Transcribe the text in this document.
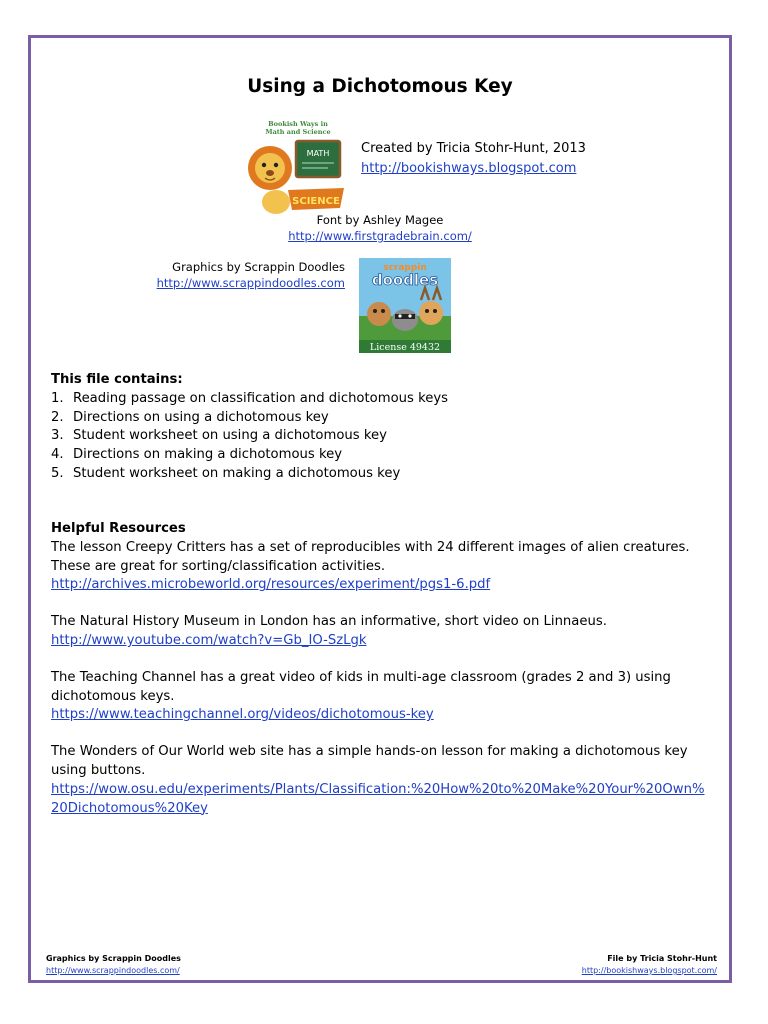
Using a Dichotomous Key
Bookish Ways in
Math and Science
MATH
SCIENCE
Created by Tricia Stohr-Hunt, 2013
http://bookishways.blogspot.com
Font by Ashley Magee
http://www.firstgradebrain.com/
Graphics by Scrappin Doodles
http://www.scrappindoodles.com
scrappin
doodles
License 49432
This file contains:
1. Reading passage on classification and dichotomous keys
2. Directions on using a dichotomous key
3. Student worksheet on using a dichotomous key
4. Directions on making a dichotomous key
5. Student worksheet on making a dichotomous key
Helpful Resources
The lesson Creepy Critters has a set of reproducibles with 24 different images of alien creatures. These are great for sorting/classification activities.
http://archives.microbeworld.org/resources/experiment/pgs1-6.pdf
The Natural History Museum in London has an informative, short video on Linnaeus.
http://www.youtube.com/watch?v=Gb_IO-SzLgk
The Teaching Channel has a great video of kids in multi-age classroom (grades 2 and 3) using dichotomous keys.
https://www.teachingchannel.org/videos/dichotomous-key
The Wonders of Our World web site has a simple hands-on lesson for making a dichotomous key using buttons.
https://wow.osu.edu/experiments/Plants/Classification:%20How%20to%20Make%20Your%20Own%20Dichotomous%20Key
Graphics by Scrappin Doodles
http://www.scrappindoodles.com/
File by Tricia Stohr-Hunt
http://bookishways.blogspot.com/
